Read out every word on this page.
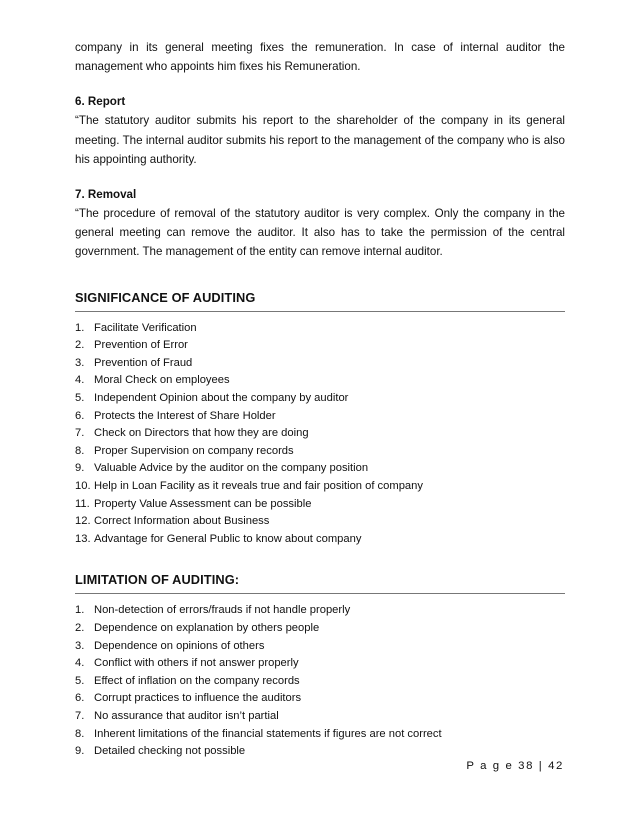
company in its general meeting fixes the remuneration. In case of internal auditor the management who appoints him fixes his Remuneration.

6. Report

“The statutory auditor submits his report to the shareholder of the company in its general meeting. The internal auditor submits his report to the management of the company who is also his appointing authority.

7. Removal

“The procedure of removal of the statutory auditor is very complex. Only the company in the general meeting can remove the auditor. It also has to take the permission of the central government. The management of the entity can remove internal auditor.

SIGNIFICANCE OF AUDITING

1. Facilitate Verification
2. Prevention of Error
3. Prevention of Fraud
4. Moral Check on employees
5. Independent Opinion about the company by auditor
6. Protects the Interest of Share Holder
7. Check on Directors that how they are doing
8. Proper Supervision on company records
9. Valuable Advice by the auditor on the company position
10. Help in Loan Facility as it reveals true and fair position of company
11. Property Value Assessment can be possible
12. Correct Information about Business
13. Advantage for General Public to know about company

LIMITATION OF AUDITING:

1. Non-detection of errors/frauds if not handle properly
2. Dependence on explanation by others people
3. Dependence on opinions of others
4. Conflict with others if not answer properly
5. Effect of inflation on the company records
6. Corrupt practices to influence the auditors
7. No assurance that auditor isn’t partial
8. Inherent limitations of the financial statements if figures are not correct
9. Detailed checking not possible
P a g e 38 | 42
